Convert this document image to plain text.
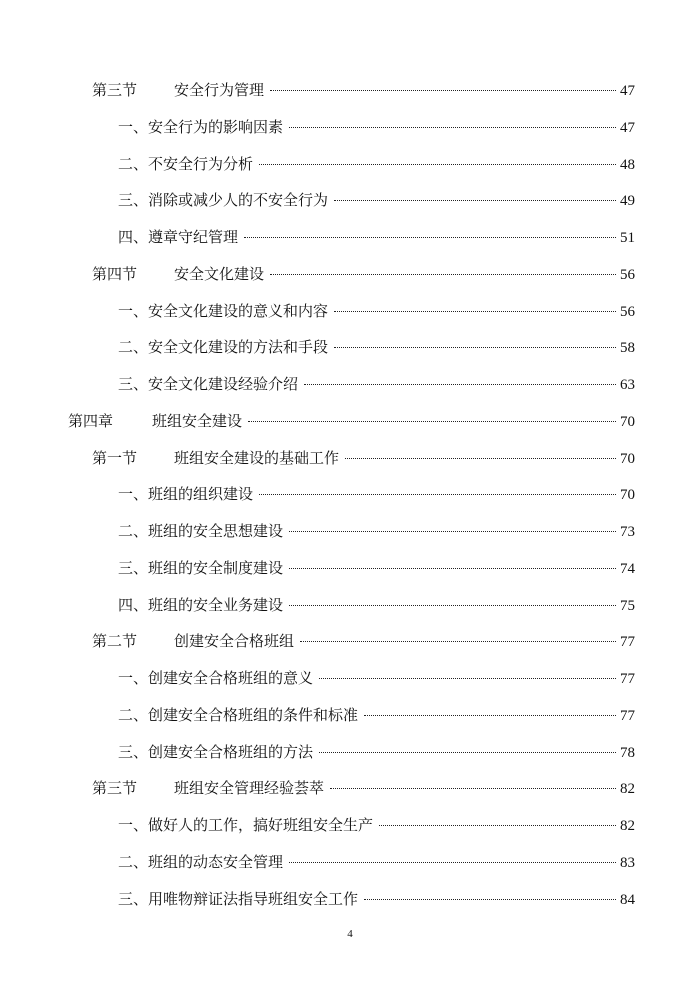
第三节 安全行为管理	47
一、安全行为的影响因素	47
二、不安全行为分析	48
三、消除或减少人的不安全行为	49
四、遵章守纪管理	51
第四节 安全文化建设	56
一、安全文化建设的意义和内容	56
二、安全文化建设的方法和手段	58
三、安全文化建设经验介绍	63
第四章	班组安全建设	70
第一节 班组安全建设的基础工作	70
一、班组的组织建设	70
二、班组的安全思想建设	73
三、班组的安全制度建设	74
四、班组的安全业务建设	75
第二节 创建安全合格班组	77
一、创建安全合格班组的意义	77
二、创建安全合格班组的条件和标准	77
三、创建安全合格班组的方法	78
第三节 班组安全管理经验荟萃	82
一、做好人的工作，搞好班组安全生产	82
二、班组的动态安全管理	83
三、用唯物辩证法指导班组安全工作	84
4
